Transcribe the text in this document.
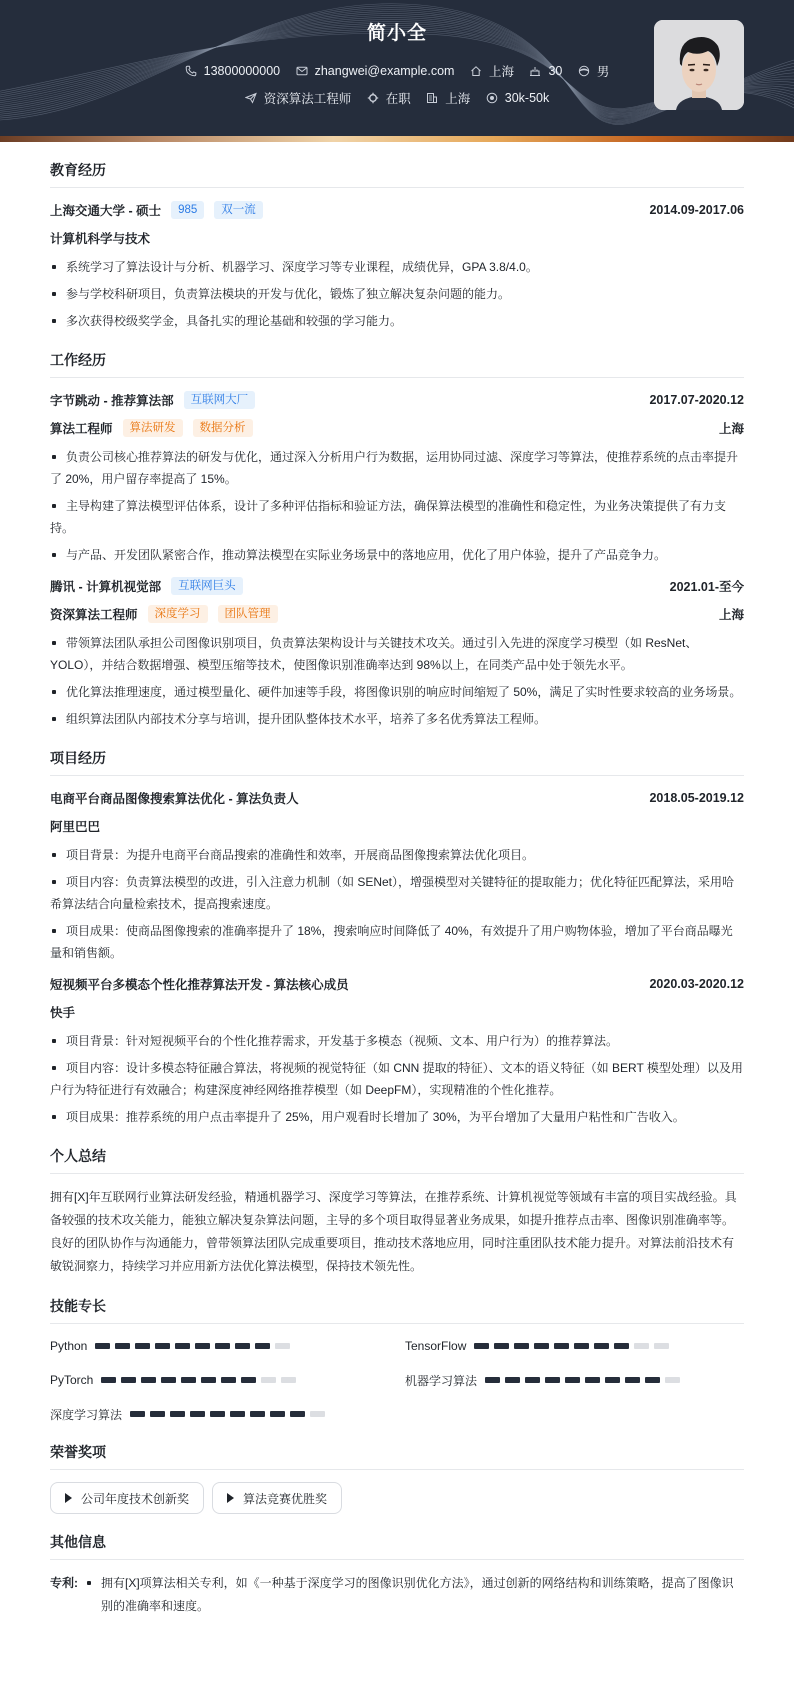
简小全
13800000000
	zhangwei@example.com
	上海
	30
	男
资深算法工程师
	在职
	上海
	30k-50k
教育经历
上海交通大学 - 硕士	985	双一流	2014.09-2017.06
计算机科学与技术
系统学习了算法设计与分析、机器学习、深度学习等专业课程，成绩优异，GPA 3.8/4.0。
参与学校科研项目，负责算法模块的开发与优化，锻炼了独立解决复杂问题的能力。
多次获得校级奖学金，具备扎实的理论基础和较强的学习能力。
工作经历
字节跳动 - 推荐算法部	互联网大厂	2017.07-2020.12
算法工程师	算法研发	数据分析	上海
负责公司核心推荐算法的研发与优化，通过深入分析用户行为数据，运用协同过滤、深度学习等算法，使推荐系统的点击率提升了 20%，用户留存率提高了 15%。
主导构建了算法模型评估体系，设计了多种评估指标和验证方法，确保算法模型的准确性和稳定性，为业务决策提供了有力支持。
与产品、开发团队紧密合作，推动算法模型在实际业务场景中的落地应用，优化了用户体验，提升了产品竞争力。
腾讯 - 计算机视觉部	互联网巨头	2021.01-至今
资深算法工程师	深度学习	团队管理	上海
带领算法团队承担公司图像识别项目，负责算法架构设计与关键技术攻关。通过引入先进的深度学习模型（如 ResNet、YOLO），并结合数据增强、模型压缩等技术，使图像识别准确率达到 98%以上，在同类产品中处于领先水平。
优化算法推理速度，通过模型量化、硬件加速等手段，将图像识别的响应时间缩短了 50%，满足了实时性要求较高的业务场景。
组织算法团队内部技术分享与培训，提升团队整体技术水平，培养了多名优秀算法工程师。
项目经历
电商平台商品图像搜索算法优化 - 算法负责人	2018.05-2019.12
阿里巴巴
项目背景：为提升电商平台商品搜索的准确性和效率，开展商品图像搜索算法优化项目。
项目内容：负责算法模型的改进，引入注意力机制（如 SENet），增强模型对关键特征的提取能力；优化特征匹配算法，采用哈希算法结合向量检索技术，提高搜索速度。
项目成果：使商品图像搜索的准确率提升了 18%，搜索响应时间降低了 40%，有效提升了用户购物体验，增加了平台商品曝光量和销售额。
短视频平台多模态个性化推荐算法开发 - 算法核心成员	2020.03-2020.12
快手
项目背景：针对短视频平台的个性化推荐需求，开发基于多模态（视频、文本、用户行为）的推荐算法。
项目内容：设计多模态特征融合算法，将视频的视觉特征（如 CNN 提取的特征）、文本的语义特征（如 BERT 模型处理）以及用户行为特征进行有效融合；构建深度神经网络推荐模型（如 DeepFM），实现精准的个性化推荐。
项目成果：推荐系统的用户点击率提升了 25%，用户观看时长增加了 30%，为平台增加了大量用户粘性和广告收入。
个人总结

拥有[X]年互联网行业算法研发经验，精通机器学习、深度学习等算法，在推荐系统、计算机视觉等领域有丰富的项目实战经验。具备较强的技术攻关能力，能独立解决复杂算法问题，主导的多个项目取得显著业务成果，如提升推荐点击率、图像识别准确率等。良好的团队协作与沟通能力，曾带领算法团队完成重要项目，推动技术落地应用，同时注重团队技术能力提升。对算法前沿技术有敏锐洞察力，持续学习并应用新方法优化算法模型，保持技术领先性。

技能专长
Python	TensorFlow
PyTorch	机器学习算法
深度学习算法
荣誉奖项
公司年度技术创新奖	算法竞赛优胜奖
其他信息
专利:	拥有[X]项算法相关专利，如《一种基于深度学习的图像识别优化方法》，通过创新的网络结构和训练策略，提高了图像识别的准确率和速度。
